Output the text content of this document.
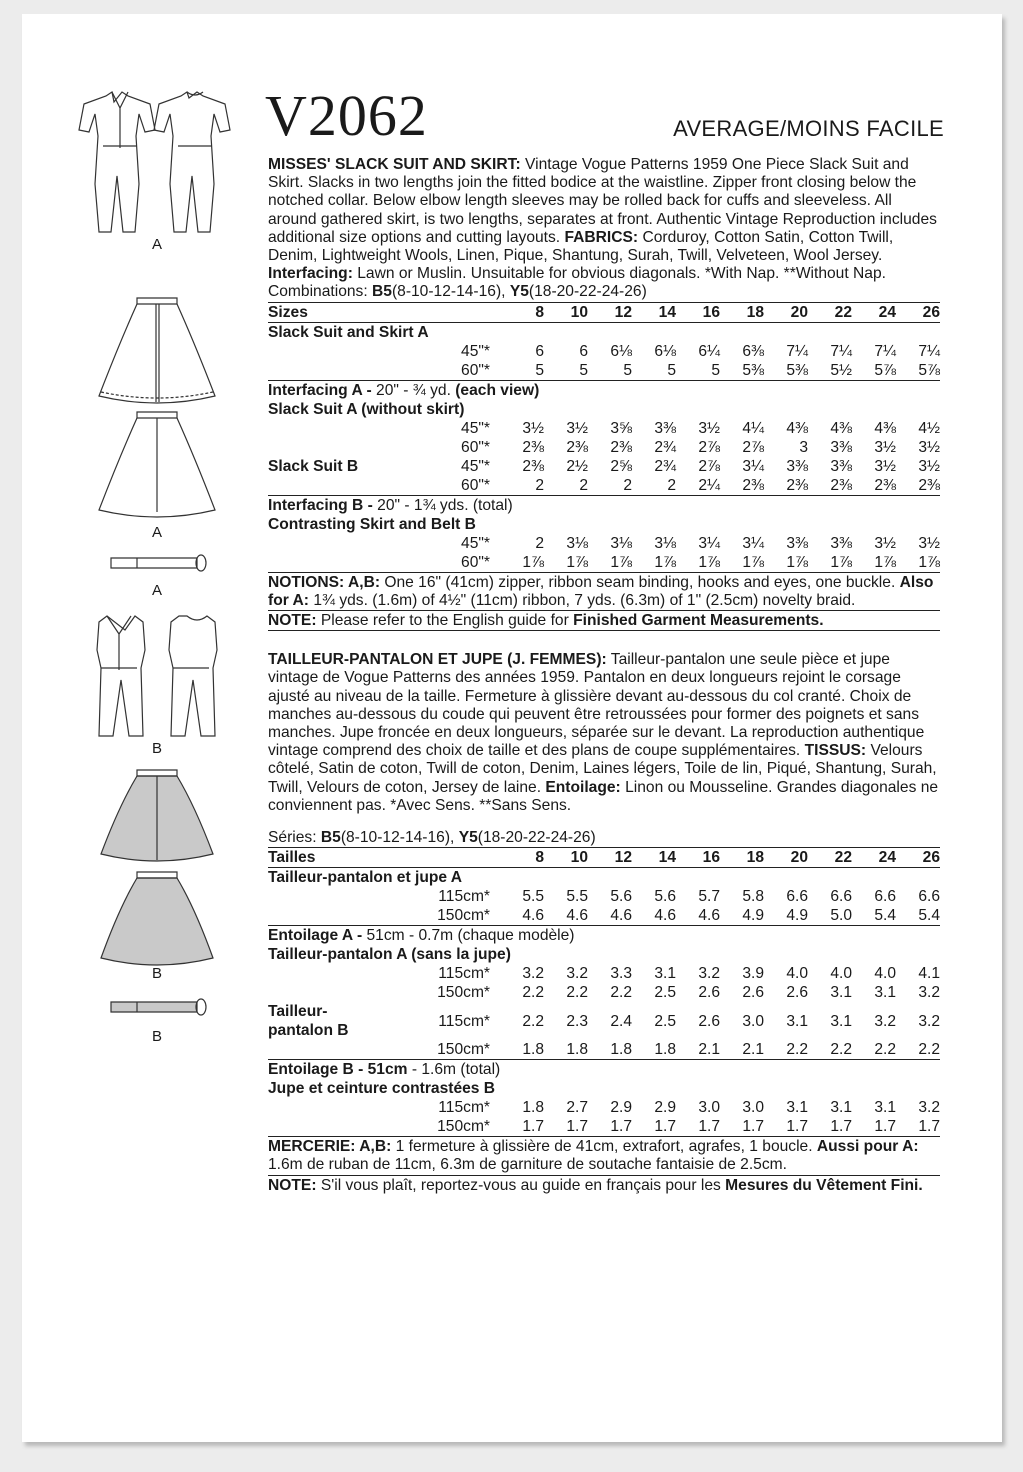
A
A
A
B
B
B
V2062	AVERAGE/MOINS FACILE

MISSES' SLACK SUIT AND SKIRT: Vintage Vogue Patterns 1959 One Piece Slack Suit and Skirt. Slacks in two lengths join the fitted bodice at the waistline. Zipper front closing below the notched collar. Below elbow length sleeves may be rolled back for cuffs and sleeveless. All around gathered skirt, is two lengths, separates at front. Authentic Vintage Reproduction includes additional size options and cutting layouts. FABRICS: Corduroy, Cotton Satin, Cotton Twill, Denim, Lightweight Wools, Linen, Pique, Shantung, Surah, Twill, Velveteen, Wool Jersey. Interfacing: Lawn or Muslin. Unsuitable for obvious diagonals. *With Nap. **Without Nap.

Combinations: B5(8-10-12-14-16), Y5(18-20-22-24-26)

Sizes		8	10	12	14	16	18	20	22	24	26
Slack Suit and Skirt A											
	45"*	6	6	6⅛	6⅛	6¼	6⅜	7¼	7¼	7¼	7¼
	60"*	5	5	5	5	5	5⅜	5⅜	5½	5⅞	5⅞
Interfacing A - 20" - ¾ yd. (each view)											
Slack Suit A (without skirt)											
	45"*	3½	3½	3⅝	3⅜	3½	4¼	4⅜	4⅜	4⅜	4½
	60"*	2⅜	2⅜	2⅜	2¾	2⅞	2⅞	3	3⅜	3½	3½
Slack Suit B	45"*	2⅜	2½	2⅝	2¾	2⅞	3¼	3⅜	3⅜	3½	3½
	60"*	2	2	2	2	2¼	2⅜	2⅜	2⅜	2⅜	2⅜
Interfacing B - 20" - 1¾ yds. (total)											
Contrasting Skirt and Belt B											
	45"*	2	3⅛	3⅛	3⅛	3¼	3¼	3⅜	3⅜	3½	3½
	60"*	1⅞	1⅞	1⅞	1⅞	1⅞	1⅞	1⅞	1⅞	1⅞	1⅞

NOTIONS: A,B: One 16" (41cm) zipper, ribbon seam binding, hooks and eyes, one buckle. Also for A: 1¾ yds. (1.6m) of 4½" (11cm) ribbon, 7 yds. (6.3m) of 1" (2.5cm) novelty braid.

NOTE: Please refer to the English guide for Finished Garment Measurements.

TAILLEUR-PANTALON ET JUPE (J. FEMMES): Tailleur-pantalon une seule pièce et jupe vintage de Vogue Patterns des années 1959. Pantalon en deux longueurs rejoint le corsage ajusté au niveau de la taille. Fermeture à glissière devant au-dessous du col cranté. Choix de manches au-dessous du coude qui peuvent être retroussées pour former des poignets et sans manches. Jupe froncée en deux longueurs, séparée sur le devant. La reproduction authentique vintage comprend des choix de taille et des plans de coupe supplémentaires. TISSUS: Velours côtelé, Satin de coton, Twill de coton, Denim, Laines légers, Toile de lin, Piqué, Shantung, Surah, Twill, Velours de coton, Jersey de laine. Entoilage: Linon ou Mousseline. Grandes diagonales ne conviennent pas. *Avec Sens. **Sans Sens.

Séries: B5(8-10-12-14-16), Y5(18-20-22-24-26)

Tailles		8	10	12	14	16	18	20	22	24	26
Tailleur-pantalon et jupe A											
	115cm*	5.5	5.5	5.6	5.6	5.7	5.8	6.6	6.6	6.6	6.6
	150cm*	4.6	4.6	4.6	4.6	4.6	4.9	4.9	5.0	5.4	5.4
Entoilage A - 51cm - 0.7m (chaque modèle)											
Tailleur-pantalon A (sans la jupe)											
	115cm*	3.2	3.2	3.3	3.1	3.2	3.9	4.0	4.0	4.0	4.1
	150cm*	2.2	2.2	2.2	2.5	2.6	2.6	2.6	3.1	3.1	3.2
Tailleur-pantalon B	115cm*	2.2	2.3	2.4	2.5	2.6	3.0	3.1	3.1	3.2	3.2
	150cm*	1.8	1.8	1.8	1.8	2.1	2.1	2.2	2.2	2.2	2.2
Entoilage B - 51cm - 1.6m (total)											
Jupe et ceinture contrastées B											
	115cm*	1.8	2.7	2.9	2.9	3.0	3.0	3.1	3.1	3.1	3.2
	150cm*	1.7	1.7	1.7	1.7	1.7	1.7	1.7	1.7	1.7	1.7

MERCERIE: A,B: 1 fermeture à glissière de 41cm, extrafort, agrafes, 1 boucle. Aussi pour A: 1.6m de ruban de 11cm, 6.3m de garniture de soutache fantaisie de 2.5cm.

NOTE: S'il vous plaît, reportez-vous au guide en français pour les Mesures du Vêtement Fini.
